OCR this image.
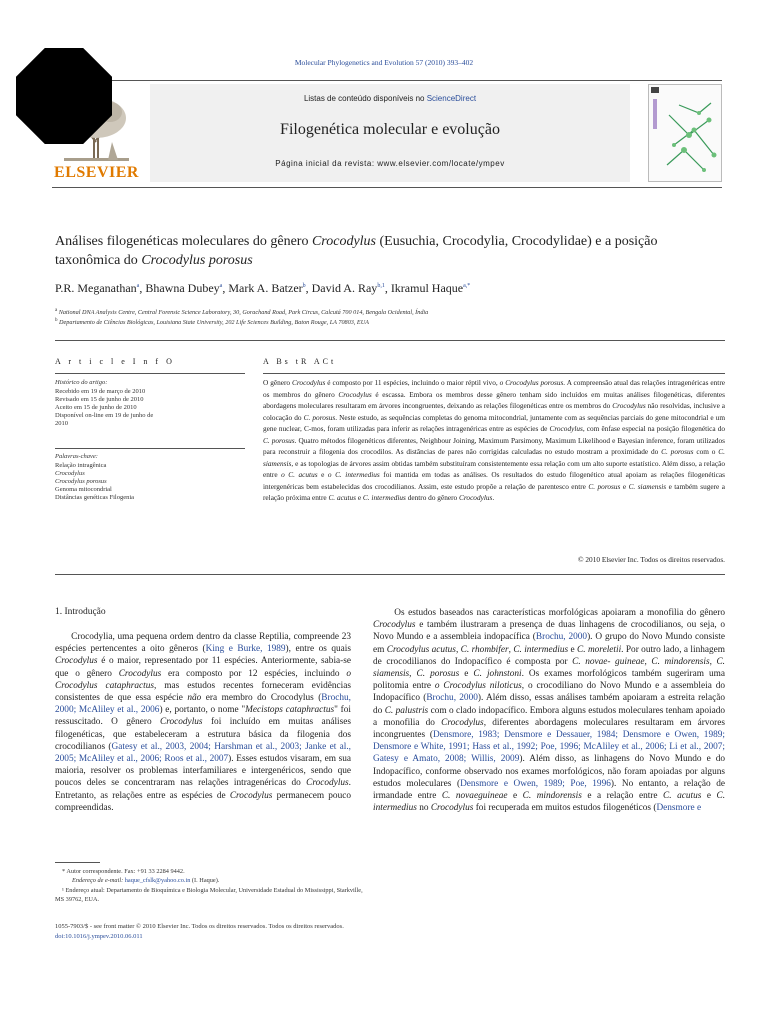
Molecular Phylogenetics and Evolution 57 (2010) 393–402
ELSEVIER
Listas de conteúdo disponíveis no ScienceDirect
Filogenética molecular e evolução
Página inicial da revista: www.elsevier.com/locate/ympev
Análises filogenéticas moleculares do gênero Crocodylus (Eusuchia, Crocodylia, Crocodylidae) e a posição taxonômica do Crocodylus porosus
P.R. Meganathan$^a$, Bhawna Dubey$^a$, Mark A. Batzer$^b$, David A. Ray$^{b,1}$, Ikramul Haque$^{a,*}$
$^a$ National DNA Analysis Centre, Central Forensic Science Laboratory, 30, Gorachand Road, Park Circus, Calcutá 700 014, Bengala Ocidental, Índia
$^b$ Departamento de Ciências Biológicas, Louisiana State University, 202 Life Sciences Building, Baton Rouge, LA 70803, EUA
A r t i c l e I n f O
Histórico do artigo:
Recebido em 19 de março de 2010
Revisado em 15 de junho de 2010
Aceito em 15 de junho de 2010
Disponível on-line em 19 de junho de
2010
Palavras-chave:
Relação intragênica
Crocodylus
Crocodylus porosus
Genoma mitocondrial
Distâncias genéticas Filogenia
A Bs tR ACt
O gênero Crocodylus é composto por 11 espécies, incluindo o maior réptil vivo, o Crocodylus porosus. A compreensão atual das relações intragenéricas entre os membros do gênero Crocodylus é escassa. Embora os membros desse gênero tenham sido incluídos em muitas análises filogenéticas, diferentes abordagens moleculares resultaram em árvores incongruentes, deixando as relações filogenéticas entre os membros do Crocodylus não resolvidas, inclusive a colocação do C. porosus. Neste estudo, as sequências completas do genoma mitocondrial, juntamente com as sequências parciais do gene mitocondrial e um gene nuclear, C-mos, foram utilizadas para inferir as relações intragenéricas entre as espécies de Crocodylus, com ênfase especial na posição filogenética do C. porosus. Quatro métodos filogenéticos diferentes, Neighbour Joining, Maximum Parsimony, Maximum Likelihood e Bayesian inference, foram utilizados para reconstruir a filogenia dos crocodilos. As distâncias de pares não corrigidas calculadas no estudo mostram a proximidade do C. porosus com o C. siamensis, e as topologias de árvores assim obtidas também substituíram consistentemente essa relação com um alto suporte estatístico. Além disso, a relação entre o C. acutus e o C. intermedius foi mantida em todas as análises. Os resultados do estudo filogenético atual apoiam as relações filogenéticas intergenéricas bem estabelecidas dos crocodilianos. Assim, este estudo propõe a relação de parentesco entre C. porosus e C. siamensis e também sugere a relação próxima entre C. acutus e C. intermedius dentro do gênero Crocodylus.
© 2010 Elsevier Inc. Todos os direitos reservados.
1. Introdução
Crocodylia, uma pequena ordem dentro da classe Reptilia, compreende 23 espécies pertencentes a oito gêneros (King e Burke, 1989), entre os quais Crocodylus é o maior, representado por 11 espécies. Anteriormente, sabia-se que o gênero Crocodylus era composto por 12 espécies, incluindo o Crocodylus cataphractus, mas estudos recentes forneceram evidências consistentes de que essa espécie não era membro do Crocodylus (Brochu, 2000; McAliley et al., 2006) e, portanto, o nome "Mecistops cataphractus" foi ressuscitado. O gênero Crocodylus foi incluído em muitas análises filogenéticas, que estabeleceram a estrutura básica da filogenia dos crocodilianos (Gatesy et al., 2003, 2004; Harshman et al., 2003; Janke et al., 2005; McAliley et al., 2006; Roos et al., 2007). Esses estudos visaram, em sua maioria, resolver os problemas interfamiliares e intergenéricos, sendo que poucos deles se concentraram nas relações intragenéricas do Crocodylus. Entretanto, as relações entre as espécies de Crocodylus permanecem pouco compreendidas.
Os estudos baseados nas características morfológicas apoiaram a monofilia do gênero Crocodylus e também ilustraram a presença de duas linhagens de crocodilianos, ou seja, o Novo Mundo e a assembleia indopacífica (Brochu, 2000). O grupo do Novo Mundo consiste em Crocodylus acutus, C. rhombifer, C. intermedius e C. moreletii. Por outro lado, a linhagem de crocodilianos do Indopacífico é composta por C. novae- guineae, C. mindorensis, C. siamensis, C. porosus e C. johnstoni. Os exames morfológicos também sugeriram uma politomia entre o Crocodylus niloticus, o crocodiliano do Novo Mundo e a assembleia do Indopacífico (Brochu, 2000). Além disso, essas análises também apoiaram a estreita relação do C. palustris com o clado indopacífico. Embora alguns estudos moleculares tenham apoiado a monofilia do Crocodylus, diferentes abordagens moleculares resultaram em árvores incongruentes (Densmore, 1983; Densmore e Dessauer, 1984; Densmore e Owen, 1989; Densmore e White, 1991; Hass et al., 1992; Poe, 1996; McAliley et al., 2006; Li et al., 2007; Gatesy e Amato, 2008; Willis, 2009). Além disso, as linhagens do Novo Mundo e do Indopacífico, conforme observado nos exames morfológicos, não foram apoiadas por alguns estudos moleculares (Densmore e Owen, 1989; Poe, 1996). No entanto, a relação de irmandade entre C. novaeguineae e C. mindorensis e a relação entre C. acutus e C. intermedius no Crocodylus foi recuperada em muitos estudos filogenéticos (Densmore e
* Autor correspondente. Fax: +91 33 2284 9442.
Endereço de e-mail: haque_cfslk@yahoo.co.in (I. Haque).
¹ Endereço atual: Departamento de Bioquímica e Biologia Molecular, Universidade Estadual do Mississippi, Starkville, MS 39762, EUA.
1055-7903/$ - see front matter © 2010 Elsevier Inc. Todos os direitos reservados. Todos os direitos reservados.
doi:10.1016/j.ympev.2010.06.011
